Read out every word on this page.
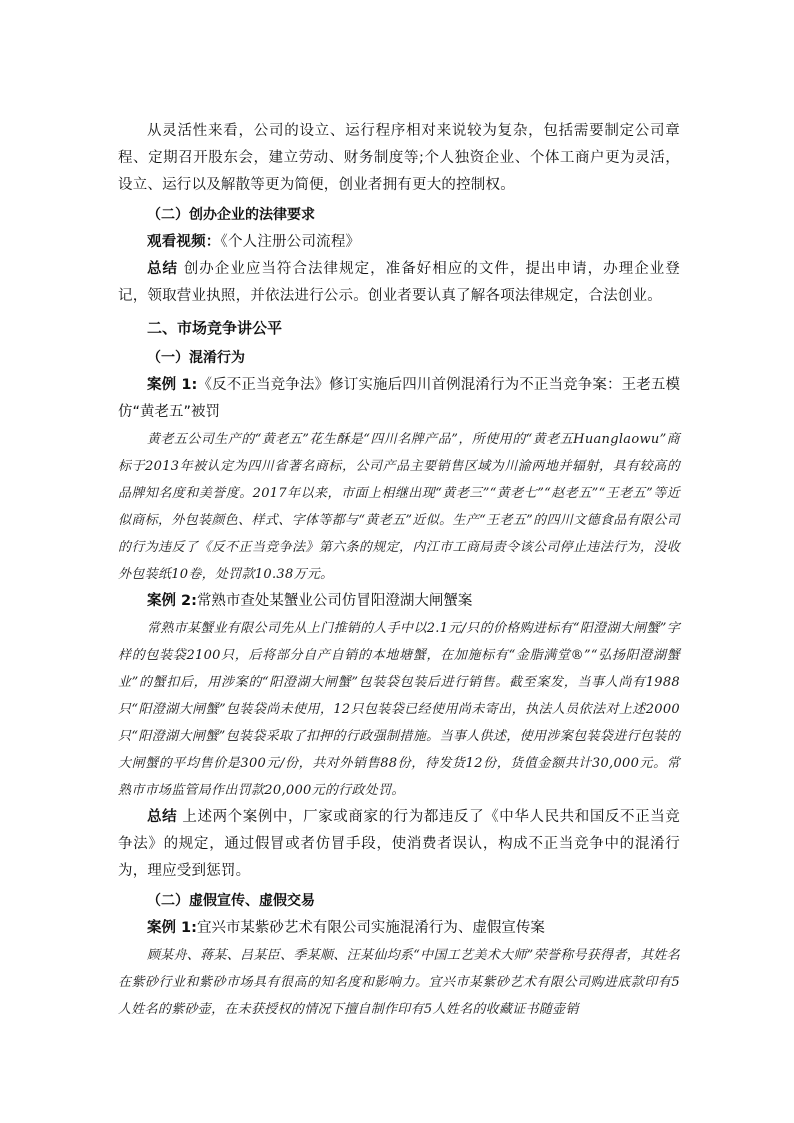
从灵活性来看，公司的设立、运行程序相对来说较为复杂，包括需要制定公司章程、定期召开股东会，建立劳动、财务制度等;个人独资企业、个体工商户更为灵活，设立、运行以及解散等更为简便，创业者拥有更大的控制权。

（二）创办企业的法律要求

观看视频：《个人注册公司流程》

总结 创办企业应当符合法律规定，准备好相应的文件，提出申请，办理企业登记，领取营业执照，并依法进行公示。创业者要认真了解各项法律规定，合法创业。

二、市场竞争讲公平
（一）混淆行为

案例 1:《反不正当竞争法》修订实施后四川首例混淆行为不正当竞争案：王老五模仿“黄老五”被罚

黄老五公司生产的“黄老五”花生酥是“四川名牌产品”，所使用的“黄老五Huanglaowu”商标于2013年被认定为四川省著名商标，公司产品主要销售区域为川渝两地并辐射，具有较高的品牌知名度和美誉度。2017年以来，市面上相继出现“黄老三”“黄老七”“赵老五”“王老五”等近似商标，外包装颜色、样式、字体等都与“黄老五”近似。生产“王老五”的四川文德食品有限公司的行为违反了《反不正当竞争法》第六条的规定，内江市工商局责令该公司停止违法行为，没收外包装纸10卷，处罚款10.38万元。

案例 2:常熟市查处某蟹业公司仿冒阳澄湖大闸蟹案

常熟市某蟹业有限公司先从上门推销的人手中以2.1元/只的价格购进标有“阳澄湖大闸蟹”字样的包装袋2100只，后将部分自产自销的本地塘蟹，在加施标有“金脂满堂®”“弘扬阳澄湖蟹业”的蟹扣后，用涉案的“阳澄湖大闸蟹”包装袋包装后进行销售。截至案发，当事人尚有1988只“阳澄湖大闸蟹”包装袋尚未使用，12只包装袋已经使用尚未寄出，执法人员依法对上述2000只“阳澄湖大闸蟹”包装袋采取了扣押的行政强制措施。当事人供述，使用涉案包装袋进行包装的大闸蟹的平均售价是300元/份，共对外销售88份，待发货12份，货值金额共计30,000元。常熟市市场监管局作出罚款20,000元的行政处罚。

总结 上述两个案例中，厂家或商家的行为都违反了《中华人民共和国反不正当竞争法》的规定，通过假冒或者仿冒手段，使消费者误认，构成不正当竞争中的混淆行为，理应受到惩罚。

（二）虚假宣传、虚假交易

案例 1:宜兴市某紫砂艺术有限公司实施混淆行为、虚假宣传案

顾某舟、蒋某、吕某臣、季某顺、汪某仙均系“中国工艺美术大师”荣誉称号获得者，其姓名在紫砂行业和紫砂市场具有很高的知名度和影响力。宜兴市某紫砂艺术有限公司购进底款印有5人姓名的紫砂壶，在未获授权的情况下擅自制作印有5人姓名的收藏证书随壶销
